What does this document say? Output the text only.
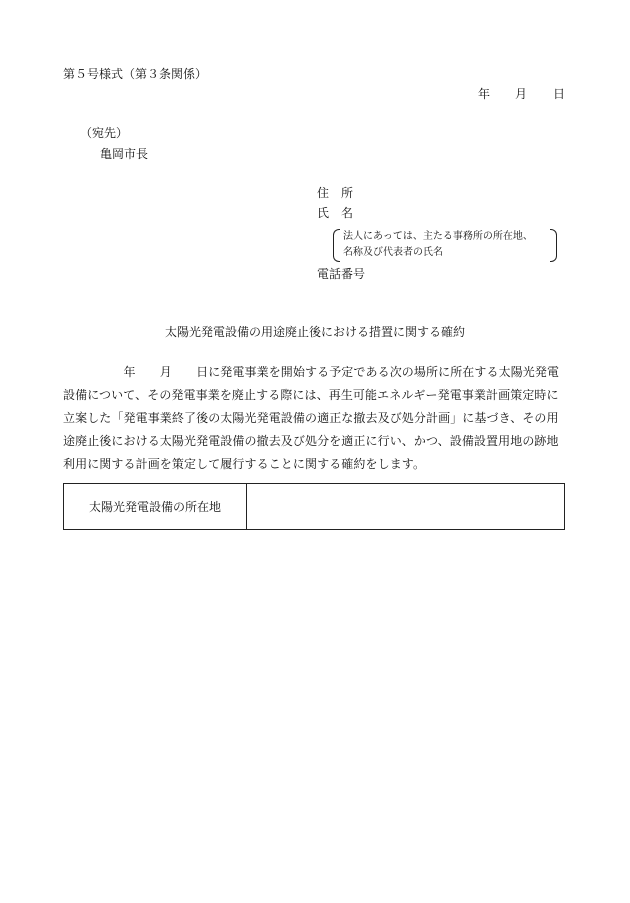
第５号様式（第３条関係）
年 月 日
（宛先）
亀岡市長
住　所
氏　名
法人にあっては、主たる事務所の所在地、
名称及び代表者の氏名
電話番号
太陽光発電設備の用途廃止後における措置に関する確約
　　　　　年　　月　　日に発電事業を開始する予定である次の場所に所在する太陽光発電
設備について、その発電事業を廃止する際には、再生可能エネルギー発電事業計画策定時に
立案した「発電事業終了後の太陽光発電設備の適正な撤去及び処分計画」に基づき、その用
途廃止後における太陽光発電設備の撤去及び処分を適正に行い、かつ、設備設置用地の跡地
利用に関する計画を策定して履行することに関する確約をします。
太陽光発電設備の所在地
